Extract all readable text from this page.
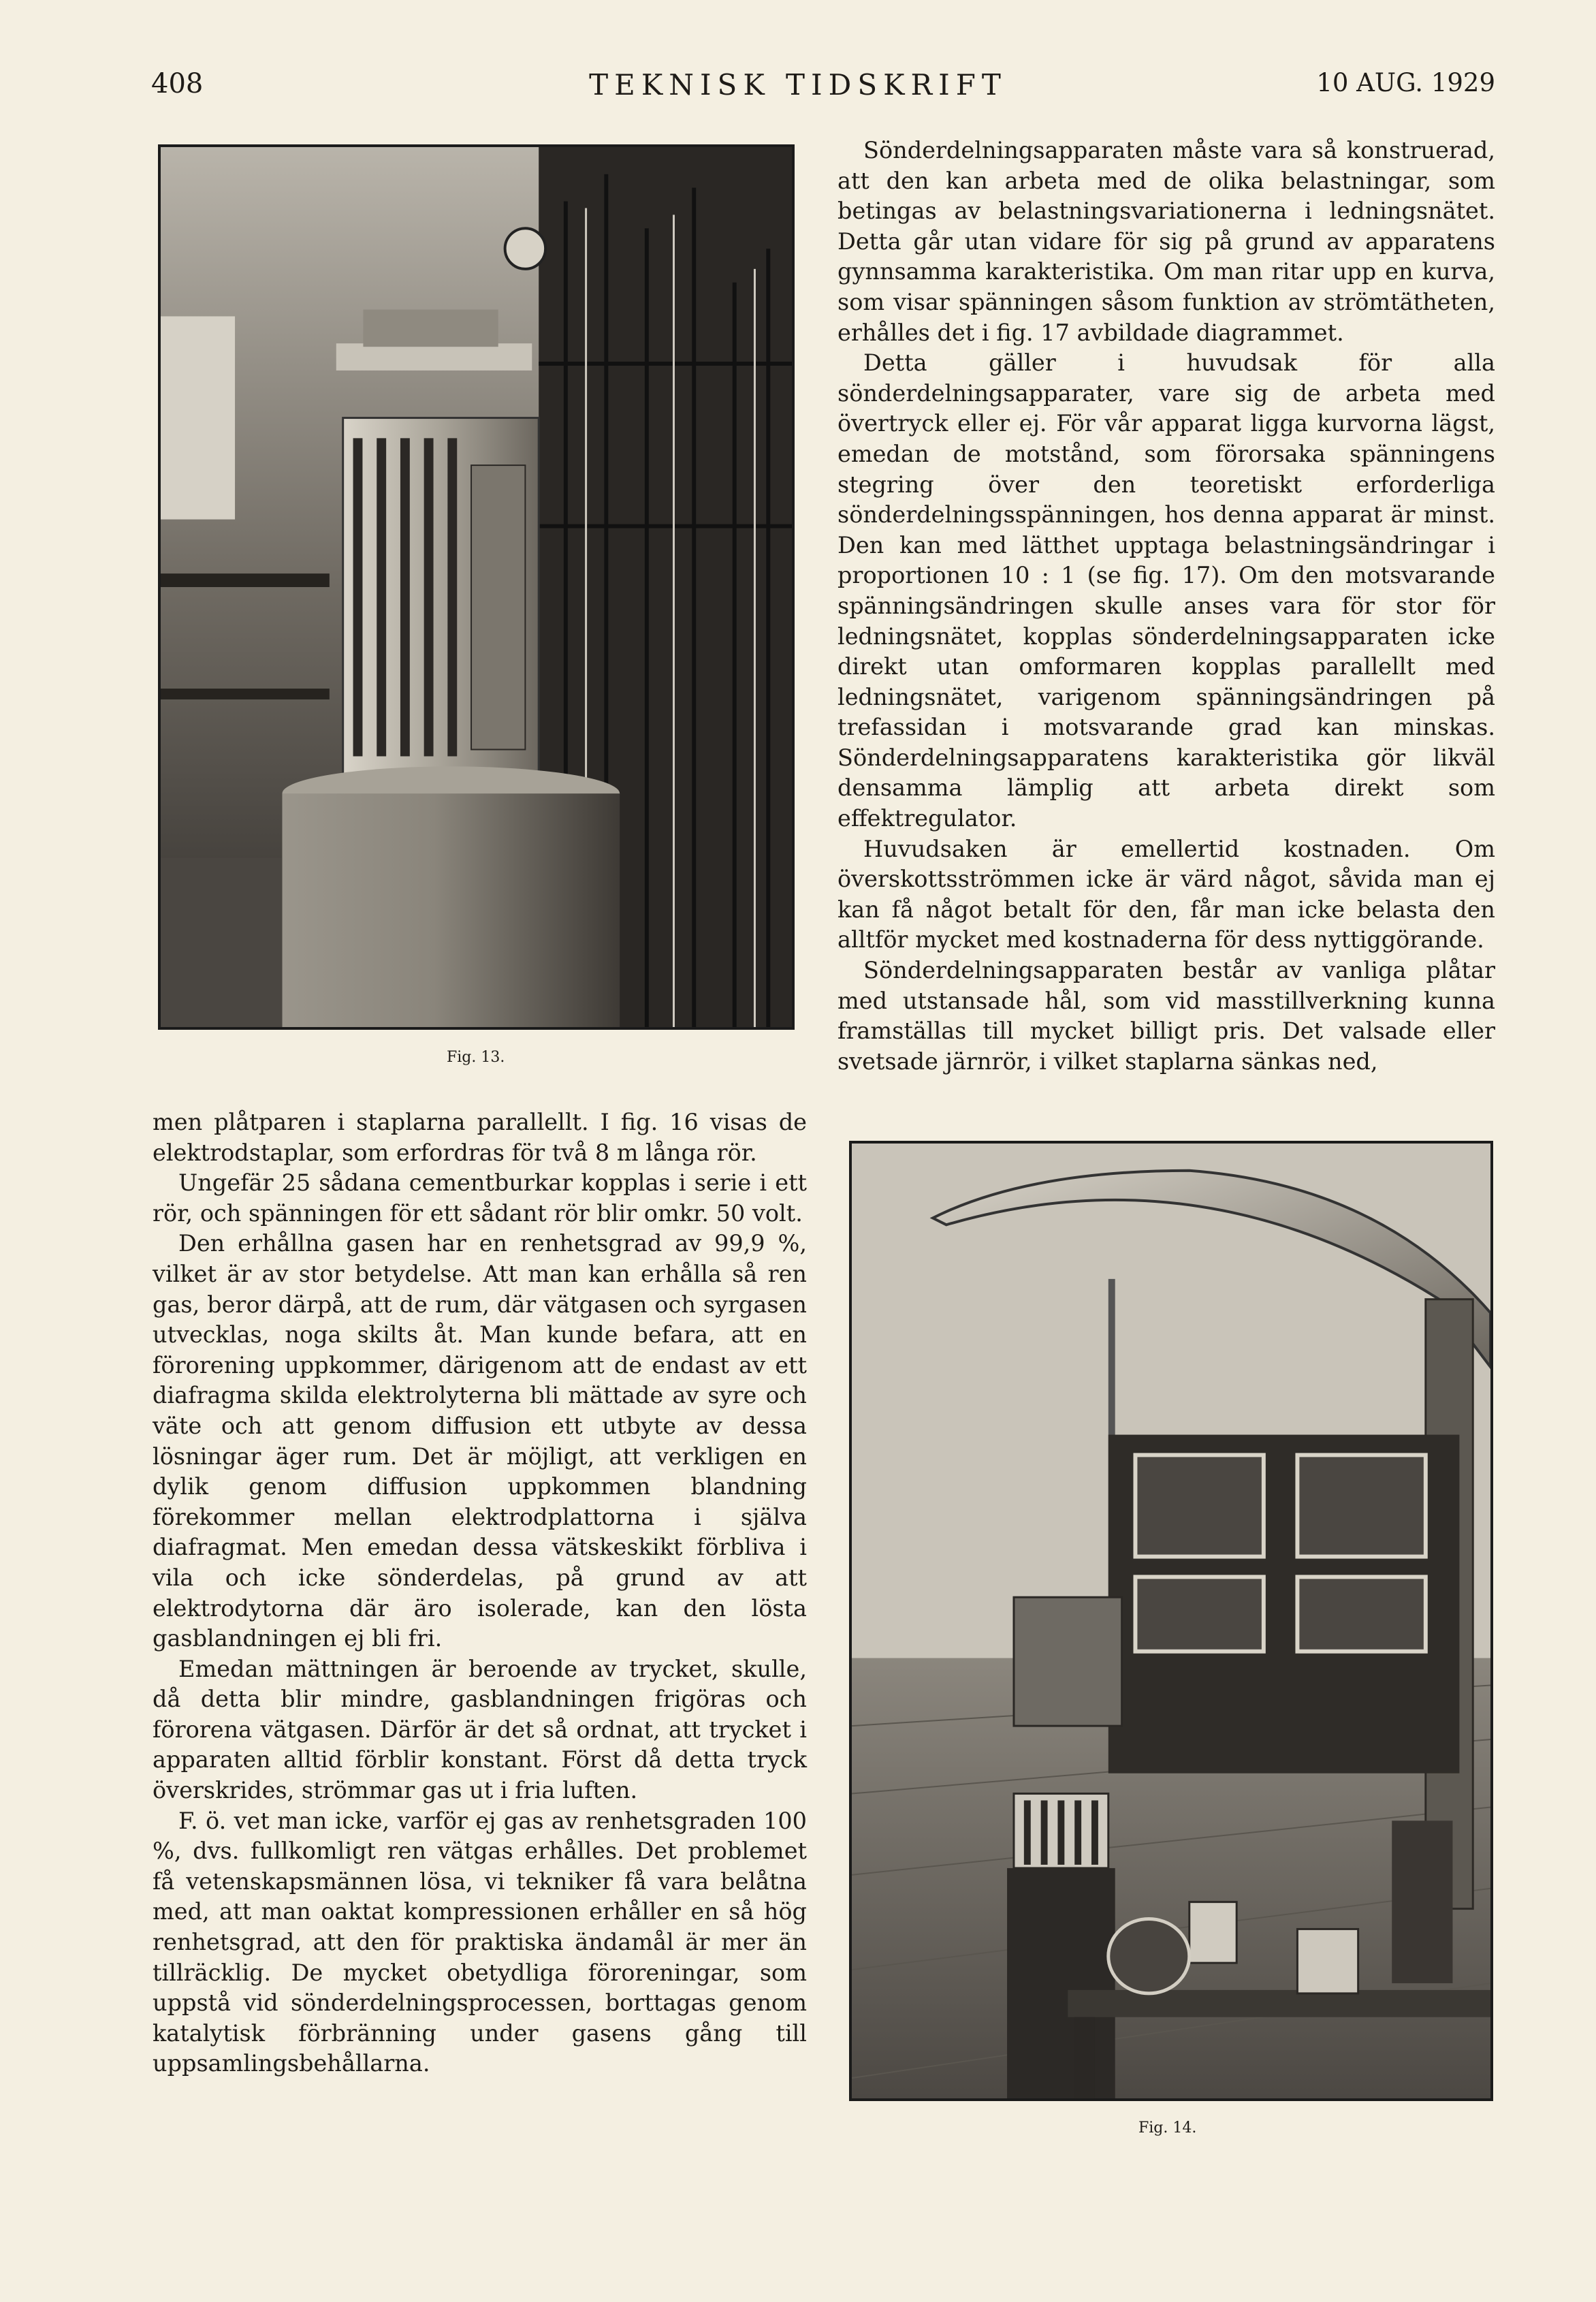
408	TEKNISK TIDSKRIFT	10 AUG. 1929
Fig. 13.

Sönderdelningsapparaten måste vara så konstruerad, att den kan arbeta med de olika belastningar, som betingas av belastningsvariationerna i ledningsnätet. Detta går utan vidare för sig på grund av apparatens gynnsamma karakteristika. Om man ritar upp en kurva, som visar spänningen såsom funktion av strömtätheten, erhålles det i fig. 17 avbildade diagrammet.

Detta gäller i huvudsak för alla sönderdelningsapparater, vare sig de arbeta med övertryck eller ej. För vår apparat ligga kurvorna lägst, emedan de motstånd, som förorsaka spänningens stegring över den teoretiskt erforderliga sönderdelningsspänningen, hos denna apparat är minst. Den kan med lätthet upptaga belastningsändringar i proportionen 10 : 1 (se fig. 17). Om den motsvarande spänningsändringen skulle anses vara för stor för ledningsnätet, kopplas sönderdelningsapparaten icke direkt utan omformaren kopplas parallellt med ledningsnätet, varigenom spänningsändringen på trefassidan i motsvarande grad kan minskas. Sönderdelningsapparatens karakteristika gör likväl densamma lämplig att arbeta direkt som effektregulator.

Huvudsaken är emellertid kostnaden. Om överskottsströmmen icke är värd något, såvida man ej kan få något betalt för den, får man icke belasta den alltför mycket med kostnaderna för dess nyttiggörande.

Sönderdelningsapparaten består av vanliga plåtar med utstansade hål, som vid masstillverkning kunna framställas till mycket billigt pris. Det valsade eller svetsade järnrör, i vilket staplarna sänkas ned,

men plåtparen i staplarna parallellt. I fig. 16 visas de elektrodstaplar, som erfordras för två 8 m långa rör.

Ungefär 25 sådana cementburkar kopplas i serie i ett rör, och spänningen för ett sådant rör blir omkr. 50 volt.

Den erhållna gasen har en renhetsgrad av 99,9 %, vilket är av stor betydelse. Att man kan erhålla så ren gas, beror därpå, att de rum, där vätgasen och syrgasen utvecklas, noga skilts åt. Man kunde befara, att en förorening uppkommer, därigenom att de endast av ett diafragma skilda elektrolyterna bli mättade av syre och väte och att genom diffusion ett utbyte av dessa lösningar äger rum. Det är möjligt, att verkligen en dylik genom diffusion uppkommen blandning förekommer mellan elektrodplattorna i själva diafragmat. Men emedan dessa vätskeskikt förbliva i vila och icke sönderdelas, på grund av att elektrodytorna där äro isolerade, kan den lösta gasblandningen ej bli fri.

Emedan mättningen är beroende av trycket, skulle, då detta blir mindre, gasblandningen frigöras och förorena vätgasen. Därför är det så ordnat, att trycket i apparaten alltid förblir konstant. Först då detta tryck överskrides, strömmar gas ut i fria luften.

F. ö. vet man icke, varför ej gas av renhetsgraden 100 %, dvs. fullkomligt ren vätgas erhålles. Det problemet få vetenskapsmännen lösa, vi tekniker få vara belåtna med, att man oaktat kompressionen erhåller en så hög renhetsgrad, att den för praktiska ändamål är mer än tillräcklig. De mycket obetydliga föroreningar, som uppstå vid sönderdelningsprocessen, borttagas genom katalytisk förbränning under gasens gång till uppsamlingsbehållarna.

Fig. 14.
